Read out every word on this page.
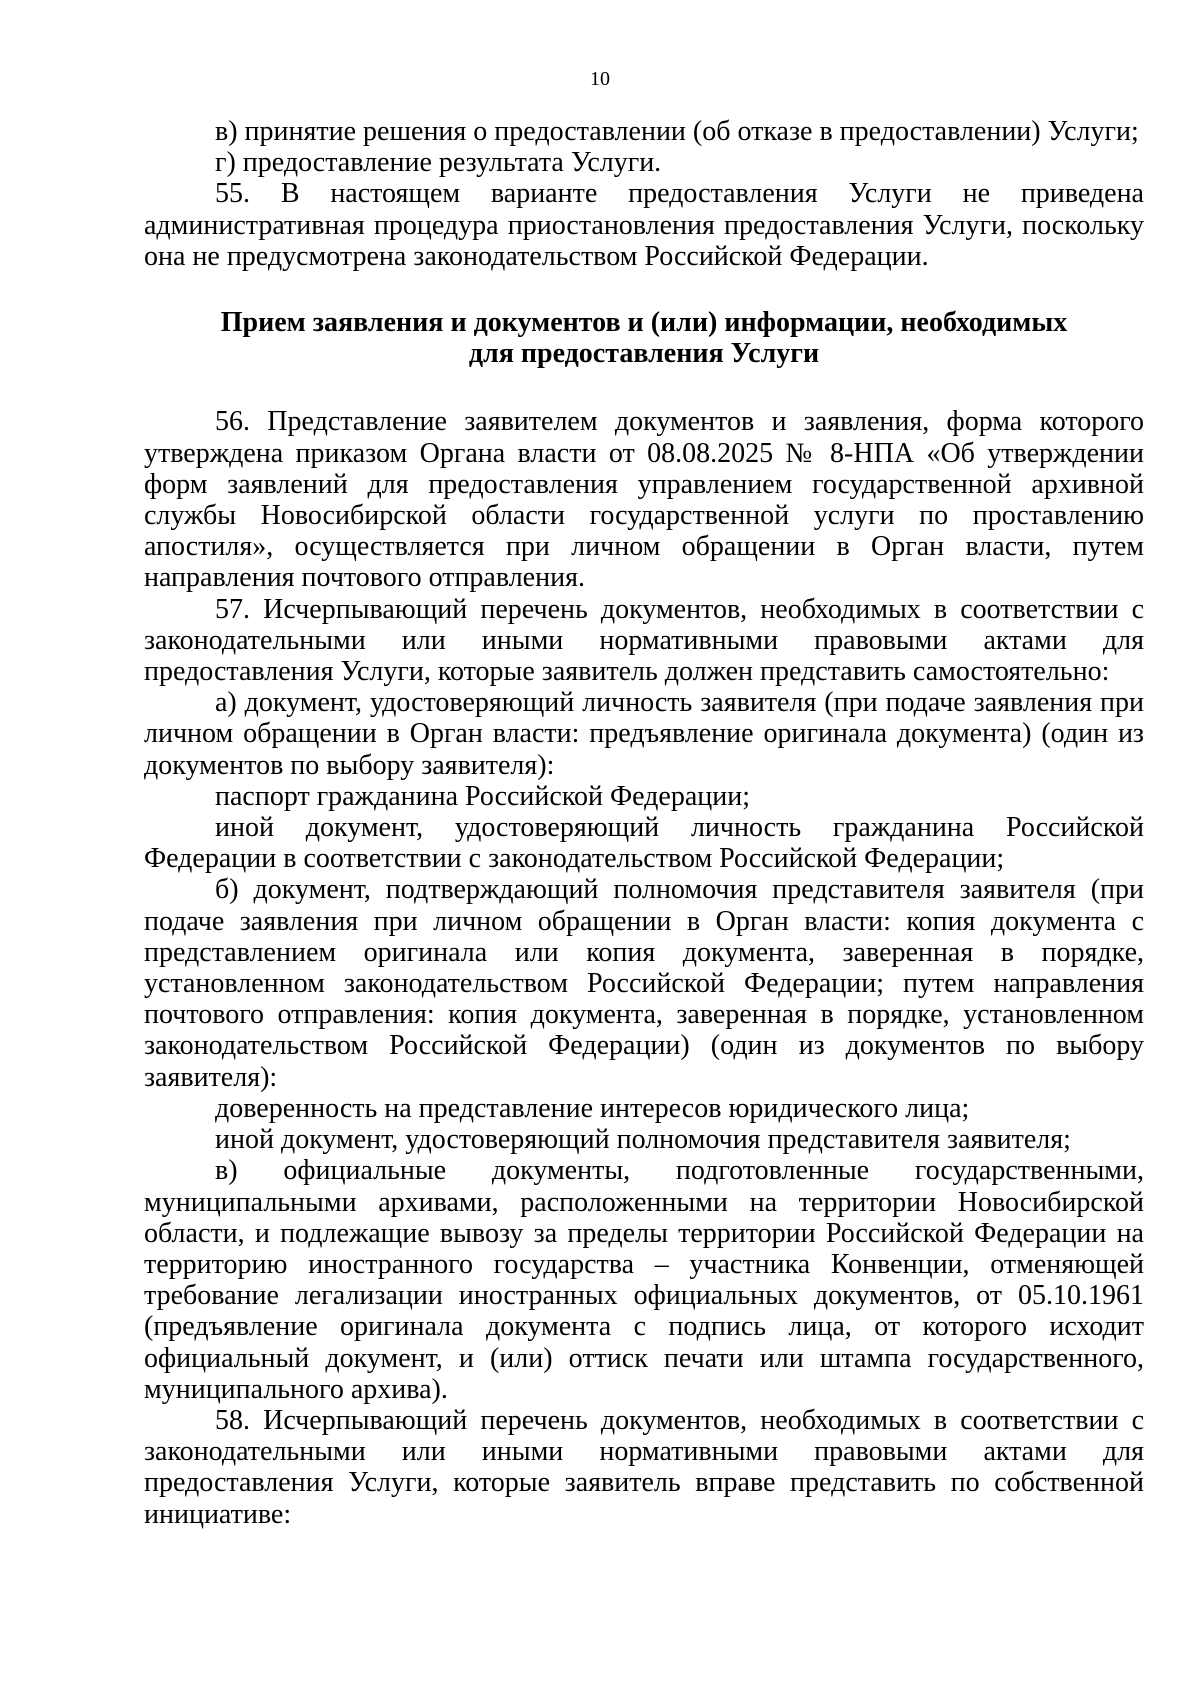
10

в) принятие решения о предоставлении (об отказе в предоставлении) Услуги;

г) предоставление результата Услуги.

55. В настоящем варианте предоставления Услуги не приведена административная процедура приостановления предоставления Услуги, поскольку она не предусмотрена законодательством Российской Федерации.

Прием заявления и документов и (или) информации, необходимых
для предоставления Услуги

56. Представление заявителем документов и заявления, форма которого утверждена приказом Органа власти от 08.08.2025 № 8-НПА «Об утверждении форм заявлений для предоставления управлением государственной архивной службы Новосибирской области государственной услуги по проставлению апостиля», осуществляется при личном обращении в Орган власти, путем направления почтового отправления.

57. Исчерпывающий перечень документов, необходимых в соответствии с законодательными или иными нормативными правовыми актами для предоставления Услуги, которые заявитель должен представить самостоятельно:

а) документ, удостоверяющий личность заявителя (при подаче заявления при личном обращении в Орган власти: предъявление оригинала документа) (один из документов по выбору заявителя):

паспорт гражданина Российской Федерации;

иной документ, удостоверяющий личность гражданина Российской Федерации в соответствии с законодательством Российской Федерации;

б) документ, подтверждающий полномочия представителя заявителя (при подаче заявления при личном обращении в Орган власти: копия документа с представлением оригинала или копия документа, заверенная в порядке, установленном законодательством Российской Федерации; путем направления почтового отправления: копия документа, заверенная в порядке, установленном законодательством Российской Федерации) (один из документов по выбору заявителя):

доверенность на представление интересов юридического лица;

иной документ, удостоверяющий полномочия представителя заявителя;

в) официальные документы, подготовленные государственными, муниципальными архивами, расположенными на территории Новосибирской области, и подлежащие вывозу за пределы территории Российской Федерации на территорию иностранного государства – участника Конвенции, отменяющей требование легализации иностранных официальных документов, от 05.10.1961 (предъявление оригинала документа с подпись лица, от которого исходит официальный документ, и (или) оттиск печати или штампа государственного, муниципального архива).

58. Исчерпывающий перечень документов, необходимых в соответствии с законодательными или иными нормативными правовыми актами для предоставления Услуги, которые заявитель вправе представить по собственной инициативе:
